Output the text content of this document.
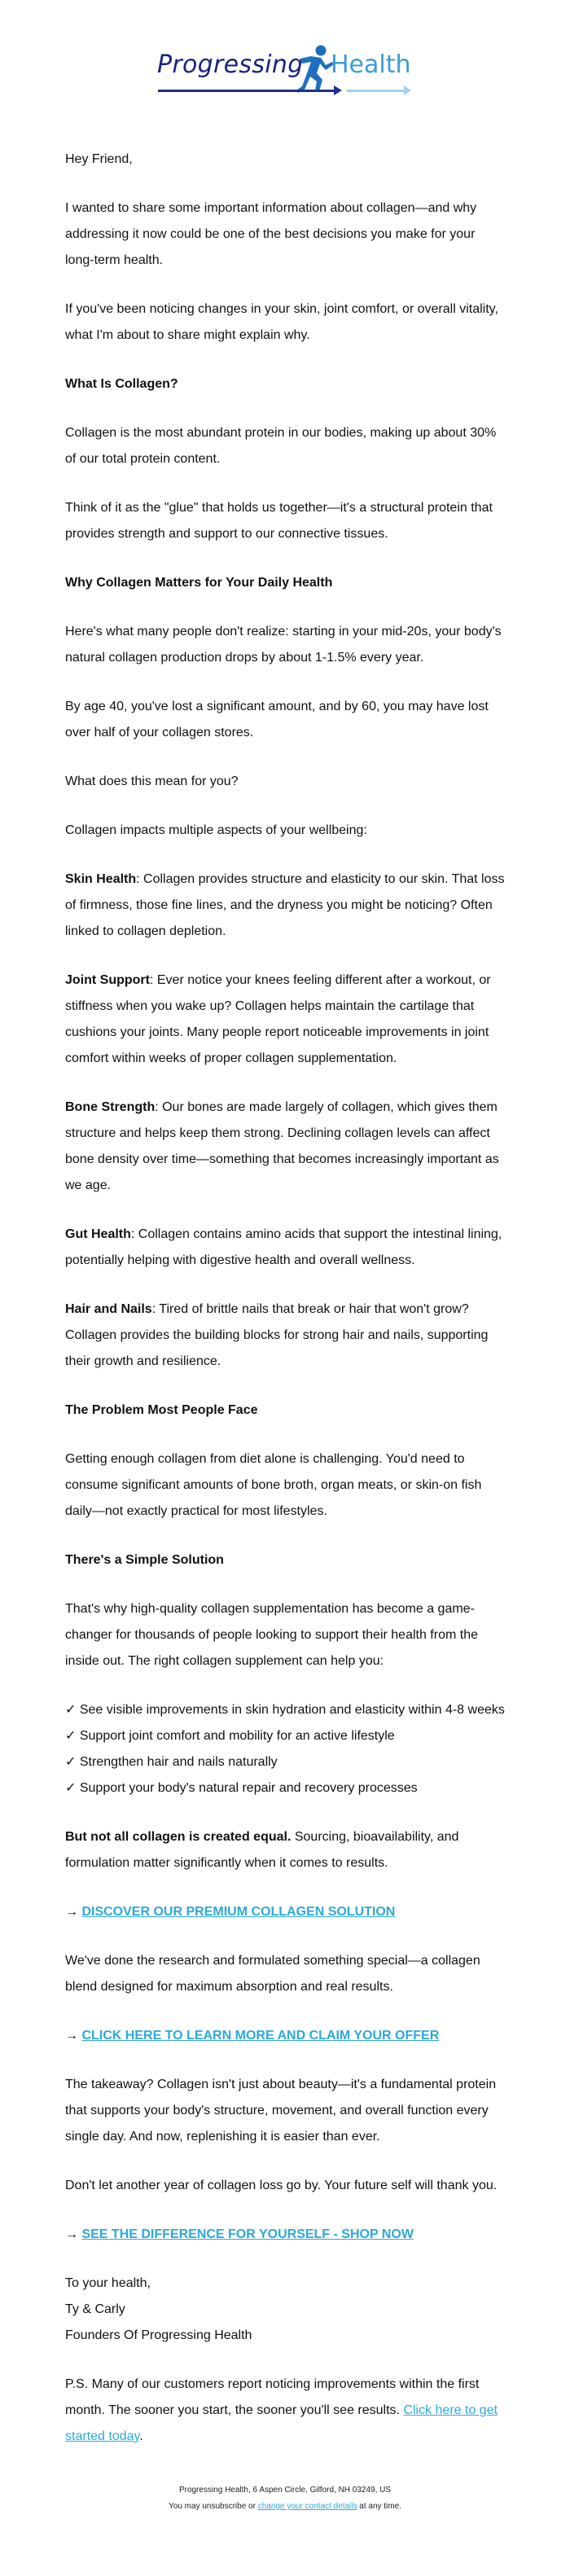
Progressing Health

Hey Friend,

I wanted to share some important information about collagen—and why addressing it now could be one of the best decisions you make for your long-term health.

If you've been noticing changes in your skin, joint comfort, or overall vitality, what I'm about to share might explain why.

What Is Collagen?

Collagen is the most abundant protein in our bodies, making up about 30% of our total protein content.

Think of it as the "glue" that holds us together—it's a structural protein that provides strength and support to our connective tissues.

Why Collagen Matters for Your Daily Health

Here's what many people don't realize: starting in your mid-20s, your body's natural collagen production drops by about 1-1.5% every year.

By age 40, you've lost a significant amount, and by 60, you may have lost over half of your collagen stores.

What does this mean for you?

Collagen impacts multiple aspects of your wellbeing:

Skin Health: Collagen provides structure and elasticity to our skin. That loss of firmness, those fine lines, and the dryness you might be noticing? Often linked to collagen depletion.

Joint Support: Ever notice your knees feeling different after a workout, or stiffness when you wake up? Collagen helps maintain the cartilage that cushions your joints. Many people report noticeable improvements in joint comfort within weeks of proper collagen supplementation.

Bone Strength: Our bones are made largely of collagen, which gives them structure and helps keep them strong. Declining collagen levels can affect bone density over time—something that becomes increasingly important as we age.

Gut Health: Collagen contains amino acids that support the intestinal lining, potentially helping with digestive health and overall wellness.

Hair and Nails: Tired of brittle nails that break or hair that won't grow? Collagen provides the building blocks for strong hair and nails, supporting their growth and resilience.

The Problem Most People Face

Getting enough collagen from diet alone is challenging. You'd need to consume significant amounts of bone broth, organ meats, or skin-on fish daily—not exactly practical for most lifestyles.

There's a Simple Solution

That's why high-quality collagen supplementation has become a game-changer for thousands of people looking to support their health from the inside out. The right collagen supplement can help you:

✓ See visible improvements in skin hydration and elasticity within 4-8 weeks

✓ Support joint comfort and mobility for an active lifestyle

✓ Strengthen hair and nails naturally

✓ Support your body's natural repair and recovery processes

But not all collagen is created equal. Sourcing, bioavailability, and formulation matter significantly when it comes to results.

→ DISCOVER OUR PREMIUM COLLAGEN SOLUTION

We've done the research and formulated something special—a collagen blend designed for maximum absorption and real results.

→ CLICK HERE TO LEARN MORE AND CLAIM YOUR OFFER

The takeaway? Collagen isn't just about beauty—it's a fundamental protein that supports your body's structure, movement, and overall function every single day. And now, replenishing it is easier than ever.

Don't let another year of collagen loss go by. Your future self will thank you.

→ SEE THE DIFFERENCE FOR YOURSELF - SHOP NOW

To your health,

Ty & Carly

Founders Of Progressing Health

P.S. Many of our customers report noticing improvements within the first month. The sooner you start, the sooner you'll see results. Click here to get started today.

Progressing Health, 6 Aspen Circle, Gilford, NH 03249, US
You may unsubscribe or change your contact details at any time.
